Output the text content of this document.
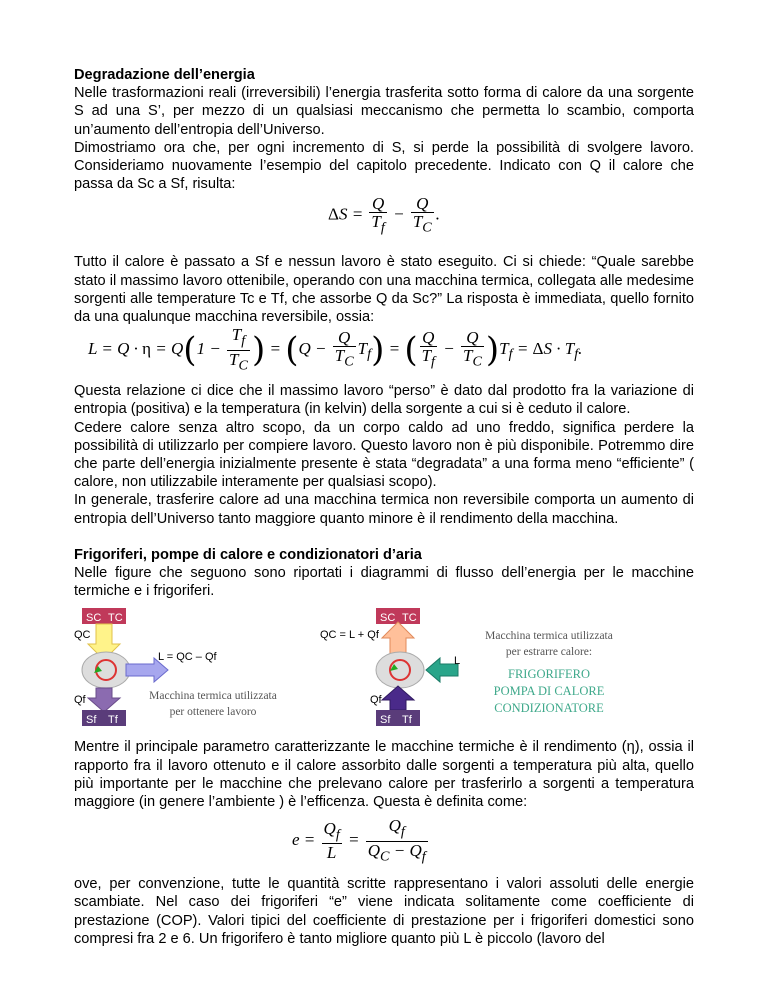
Degradazione dell’energia

Nelle trasformazioni reali (irreversibili) l’energia trasferita sotto forma di calore da una sorgente S ad una S’, per mezzo di un qualsiasi meccanismo che permetta lo scambio, comporta un’aumento dell’entropia dell’Universo.

Dimostriamo ora che, per ogni incremento di S, si perde la possibilità di svolgere lavoro. Consideriamo nuovamente l’esempio del capitolo precedente. Indicato con Q il calore che passa da Sc a Sf, risulta:

$\Delta S = \frac{Q}{T_f} - \frac{Q}{T_C}$ .

Tutto il calore è passato a Sf e nessun lavoro è stato eseguito. Ci si chiede: “Quale sarebbe stato il massimo lavoro ottenibile, operando con una macchina termica, collegata alle medesime sorgenti alle temperature Tc e Tf, che assorbe Q da Sc?” La risposta è immediata, quello fornito da una qualunque macchina reversibile, ossia:

$L = Q \cdot \eta = Q(1 - \frac{T_f}{T_C}$ ) = $(Q - \frac{Q}{T_C} T_f)$ = ( $\frac{Q}{T_f} - \frac{Q}{T_C} )T_f = \Delta S \cdot T_f$.

Questa relazione ci dice che il massimo lavoro “perso” è dato dal prodotto fra la variazione di entropia (positiva) e la temperatura (in kelvin) della sorgente a cui si è ceduto il calore.

Cedere calore senza altro scopo, da un corpo caldo ad uno freddo, significa perdere la possibilità di utilizzarlo per compiere lavoro. Questo lavoro non è più disponibile. Potremmo dire che parte dell’energia inizialmente presente è stata “degradata” a una forma meno “efficiente” ( calore, non utilizzabile interamente per qualsiasi scopo).

In generale, trasferire calore ad una macchina termica non reversibile comporta un aumento di entropia dell’Universo tanto maggiore quanto minore è il rendimento della macchina.

Frigoriferi, pompe di calore e condizionatori d’aria

Nelle figure che seguono sono riportati i diagrammi di flusso dell’energia per le macchine termiche e i frigoriferi.

SC TC
QC
L = QC – Qf
Qf
Sf Tf
Macchina termica utilizzata
per ottenere lavoro
SC TC
QC = L + Qf
L
Qf
Sf Tf
Macchina termica utilizzata
per estrarre calore:
FRIGORIFERO
POMPA DI CALORE
CONDIZIONATORE

Mentre il principale parametro caratterizzante le macchine termiche è il rendimento (η), ossia il rapporto fra il lavoro ottenuto e il calore assorbito dalle sorgenti a temperatura più alta, quello più importante per le macchine che prelevano calore per trasferirlo a sorgenti a temperatura maggiore (in genere l’ambiente ) è l’efficenza. Questa è definita come:

$e = \frac{Q_f}{L} = \frac{Q_f}{Q_C - Q_f}$

ove, per convenzione, tutte le quantità scritte rappresentano i valori assoluti delle energie scambiate. Nel caso dei frigoriferi “e” viene indicata solitamente come coefficiente di prestazione (COP). Valori tipici del coefficiente di prestazione per i frigoriferi domestici sono compresi fra 2 e 6. Un frigorifero è tanto migliore quanto più L è piccolo (lavoro del
